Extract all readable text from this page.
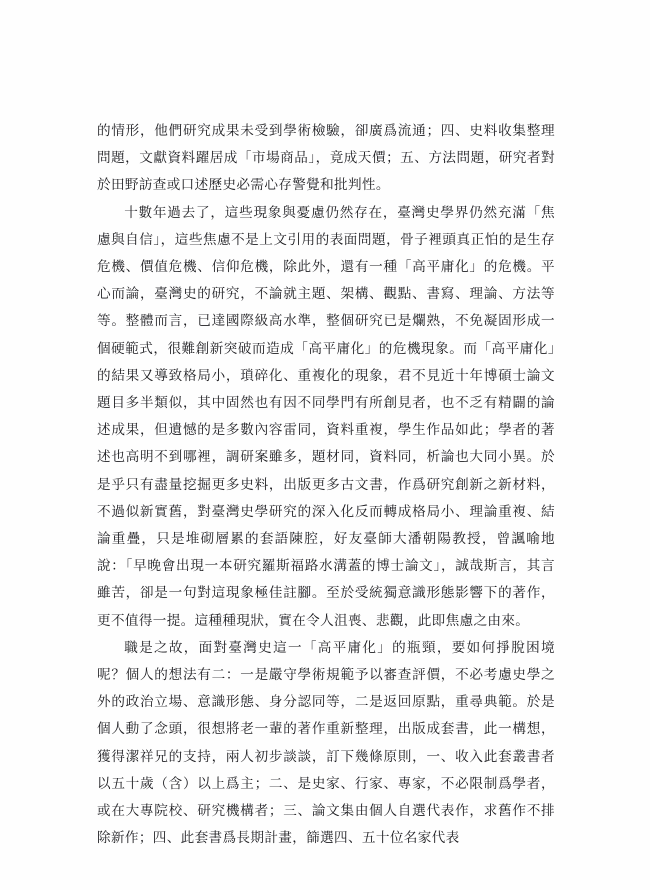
的情形，他們研究成果未受到學術檢驗，卻廣爲流通；四、史料收集整理問題，文獻資料躍居成「市場商品」，竟成天價；五、方法問題，研究者對於田野訪查或口述歷史必需心存警覺和批判性。

十數年過去了，這些現象與憂慮仍然存在，臺灣史學界仍然充滿「焦慮與自信」，這些焦慮不是上文引用的表面問題，骨子裡頭真正怕的是生存危機、價值危機、信仰危機，除此外，還有一種「高平庸化」的危機。平心而論，臺灣史的研究，不論就主題、架構、觀點、書寫、理論、方法等等。整體而言，已達國際級高水準，整個研究已是爛熟，不免凝固形成一個硬範式，很難創新突破而造成「高平庸化」的危機現象。而「高平庸化」的結果又導致格局小，瑣碎化、重複化的現象，君不見近十年博碩士論文題目多半類似，其中固然也有因不同學門有所創見者，也不乏有精闢的論述成果，但遺憾的是多數內容雷同，資料重複，學生作品如此；學者的著述也高明不到哪裡，調研案雖多，題材同，資料同，析論也大同小異。於是乎只有盡量挖掘更多史料，出版更多古文書，作爲研究創新之新材料，不過似新實舊，對臺灣史學研究的深入化反而轉成格局小、理論重複、結論重疊，只是堆砌層累的套語陳腔，好友臺師大潘朝陽教授，曾諷喻地說：「早晚會出現一本研究羅斯福路水溝蓋的博士論文」，誠哉斯言，其言雖苦，卻是一句對這現象極佳註腳。至於受統獨意識形態影響下的著作，更不值得一提。這種種現狀，實在令人沮喪、悲觀，此即焦慮之由來。

職是之故，面對臺灣史這一「高平庸化」的瓶頸，要如何掙脫困境呢？個人的想法有二：一是嚴守學術規範予以審查評價，不必考慮史學之外的政治立場、意識形態、身分認同等，二是返回原點，重尋典範。於是個人動了念頭，很想將老一輩的著作重新整理，出版成套書，此一構想，獲得潔祥兄的支持，兩人初步談談，訂下幾條原則，一、收入此套叢書者以五十歲（含）以上爲主；二、是史家、行家、專家，不必限制爲學者，或在大專院校、研究機構者；三、論文集由個人自選代表作，求舊作不排除新作；四、此套書爲長期計畫，篩選四、五十位名家代表
